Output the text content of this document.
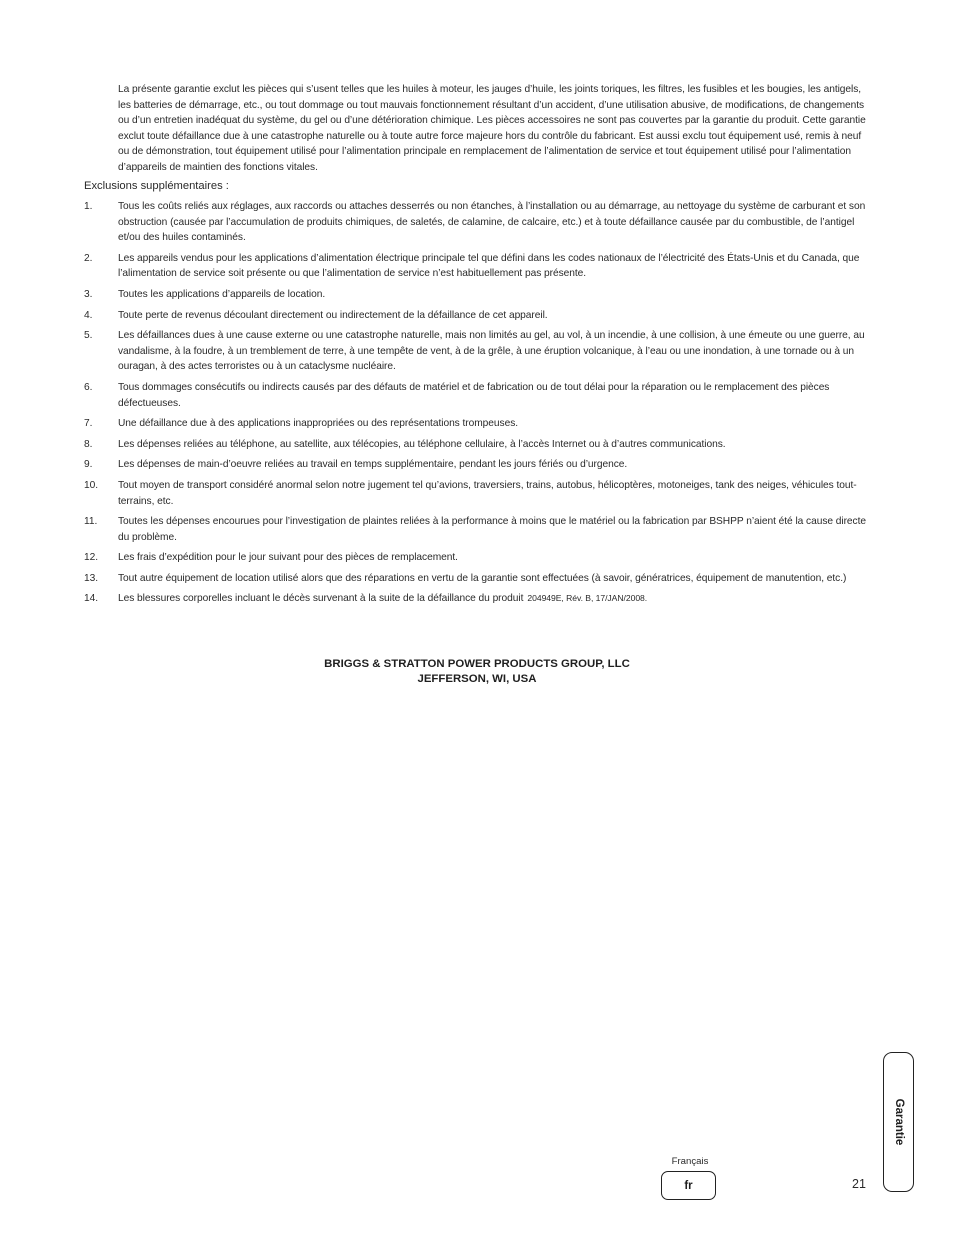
La présente garantie exclut les pièces qui s’usent telles que les huiles à moteur, les jauges d’huile, les joints toriques, les filtres, les fusibles et les bougies, les antigels, les batteries de démarrage, etc., ou tout dommage ou tout mauvais fonctionnement résultant d’un accident, d’une utilisation abusive, de modifications, de changements ou d’un entretien inadéquat du système, du gel ou d’une détérioration chimique. Les pièces accessoires ne sont pas couvertes par la garantie du produit. Cette garantie exclut toute défaillance due à une catastrophe naturelle ou à toute autre force majeure hors du contrôle du fabricant. Est aussi exclu tout équipement usé, remis à neuf ou de démonstration, tout équipement utilisé pour l’alimentation principale en remplacement de l’alimentation de service et tout équipement utilisé pour l’alimentation d’appareils de maintien des fonctions vitales.
Exclusions supplémentaires :
1.	Tous les coûts reliés aux réglages, aux raccords ou attaches desserrés ou non étanches, à l’installation ou au démarrage, au nettoyage du système de carburant et son obstruction (causée par l’accumulation de produits chimiques, de saletés, de calamine, de calcaire, etc.) et à toute défaillance causée par du combustible, de l’antigel et/ou des huiles contaminés.
2.	Les appareils vendus pour les applications d’alimentation électrique principale tel que défini dans les codes nationaux de l’électricité des États-Unis et du Canada, que l’alimentation de service soit présente ou que l’alimentation de service n’est habituellement pas présente.
3.	Toutes les applications d’appareils de location.
4.	Toute perte de revenus découlant directement ou indirectement de la défaillance de cet appareil.
5.	Les défaillances dues à une cause externe ou une catastrophe naturelle, mais non limités au gel, au vol, à un incendie, à une collision, à une émeute ou une guerre, au vandalisme, à la foudre, à un tremblement de terre, à une tempête de vent, à de la grêle, à une éruption volcanique, à l’eau ou une inondation, à une tornade ou à un ouragan, à des actes terroristes ou à un cataclysme nucléaire.
6.	Tous dommages consécutifs ou indirects causés par des défauts de matériel et de fabrication ou de tout délai pour la réparation ou le remplacement des pièces défectueuses.
7.	Une défaillance due à des applications inappropriées ou des représentations trompeuses.
8.	Les dépenses reliées au téléphone, au satellite, aux télécopies, au téléphone cellulaire, à l’accès Internet ou à d’autres communications.
9.	Les dépenses de main-d’oeuvre reliées au travail en temps supplémentaire, pendant les jours fériés ou d’urgence.
10.	Tout moyen de transport considéré anormal selon notre jugement tel qu’avions, traversiers, trains, autobus, hélicoptères, motoneiges, tank des neiges, véhicules tout-terrains, etc.
11.	Toutes les dépenses encourues pour l’investigation de plaintes reliées à la performance à moins que le matériel ou la fabrication par BSHPP n’aient été la cause directe du problème.
12.	Les frais d’expédition pour le jour suivant pour des pièces de remplacement.
13.	Tout autre équipement de location utilisé alors que des réparations en vertu de la garantie sont effectuées (à savoir, génératrices, équipement de manutention, etc.)
14.	Les blessures corporelles incluant le décès survenant à la suite de la défaillance du produit 204949E, Rév. B, 17/JAN/2008.
BRIGGS & STRATTON POWER PRODUCTS GROUP, LLC
JEFFERSON, WI, USA
Français
fr	21
Garantie
